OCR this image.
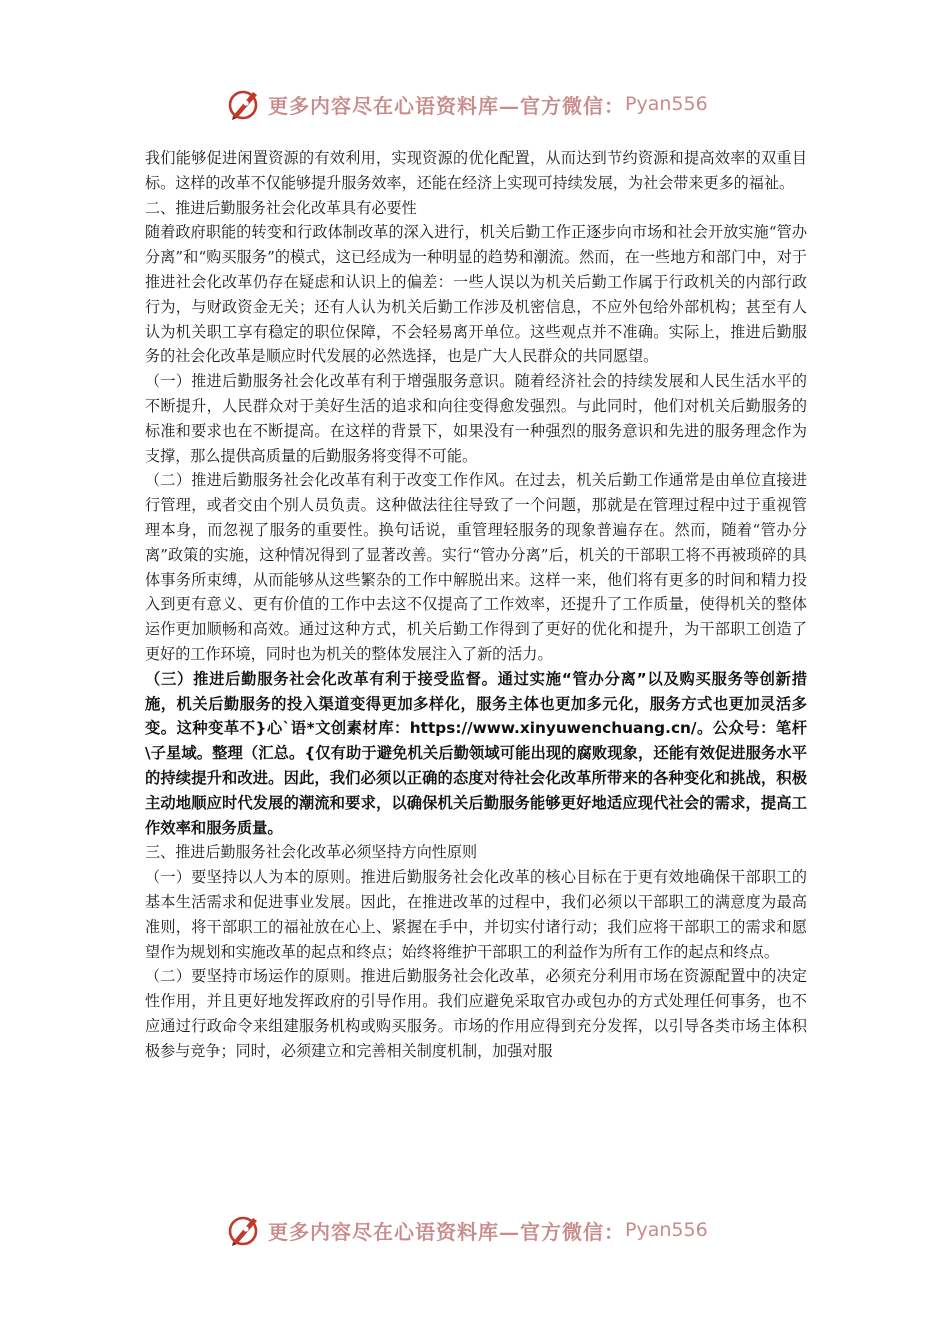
更多内容尽在心语资料库—官方微信： Pyan556

我们能够促进闲置资源的有效利用，实现资源的优化配置，从而达到节约资源和提高效率的双重目标。这样的改革不仅能够提升服务效率，还能在经济上实现可持续发展，为社会带来更多的福祉。

二、推进后勤服务社会化改革具有必要性

随着政府职能的转变和行政体制改革的深入进行，机关后勤工作正逐步向市场和社会开放实施“管办分离”和“购买服务”的模式，这已经成为一种明显的趋势和潮流。然而，在一些地方和部门中，对于推进社会化改革仍存在疑虑和认识上的偏差：一些人误以为机关后勤工作属于行政机关的内部行政行为，与财政资金无关；还有人认为机关后勤工作涉及机密信息，不应外包给外部机构；甚至有人认为机关职工享有稳定的职位保障，不会轻易离开单位。这些观点并不准确。实际上，推进后勤服务的社会化改革是顺应时代发展的必然选择，也是广大人民群众的共同愿望。

（一）推进后勤服务社会化改革有利于增强服务意识。随着经济社会的持续发展和人民生活水平的不断提升，人民群众对于美好生活的追求和向往变得愈发强烈。与此同时，他们对机关后勤服务的标准和要求也在不断提高。在这样的背景下，如果没有一种强烈的服务意识和先进的服务理念作为支撑，那么提供高质量的后勤服务将变得不可能。

（二）推进后勤服务社会化改革有利于改变工作作风。在过去，机关后勤工作通常是由单位直接进行管理，或者交由个别人员负责。这种做法往往导致了一个问题，那就是在管理过程中过于重视管理本身，而忽视了服务的重要性。换句话说，重管理轻服务的现象普遍存在。然而，随着“管办分离”政策的实施，这种情况得到了显著改善。实行“管办分离”后，机关的干部职工将不再被琐碎的具体事务所束缚，从而能够从这些繁杂的工作中解脱出来。这样一来，他们将有更多的时间和精力投入到更有意义、更有价值的工作中去这不仅提高了工作效率，还提升了工作质量，使得机关的整体运作更加顺畅和高效。通过这种方式，机关后勤工作得到了更好的优化和提升，为干部职工创造了更好的工作环境，同时也为机关的整体发展注入了新的活力。

（三）推进后勤服务社会化改革有利于接受监督。通过实施“管办分离”以及购买服务等创新措施，机关后勤服务的投入渠道变得更加多样化，服务主体也更加多元化，服务方式也更加灵活多变。这种变革不}心`语*文创素材库：https://www.xinyuwenchuang.cn/。公众号：笔杆\子星域。整理（汇总。{仅有助于避免机关后勤领域可能出现的腐败现象，还能有效促进服务水平的持续提升和改进。因此，我们必须以正确的态度对待社会化改革所带来的各种变化和挑战，积极主动地顺应时代发展的潮流和要求，以确保机关后勤服务能够更好地适应现代社会的需求，提高工作效率和服务质量。

三、推进后勤服务社会化改革必须坚持方向性原则

（一）要坚持以人为本的原则。推进后勤服务社会化改革的核心目标在于更有效地确保干部职工的基本生活需求和促进事业发展。因此，在推进改革的过程中，我们必须以干部职工的满意度为最高准则，将干部职工的福祉放在心上、紧握在手中，并切实付诸行动；我们应将干部职工的需求和愿望作为规划和实施改革的起点和终点；始终将维护干部职工的利益作为所有工作的起点和终点。

（二）要坚持市场运作的原则。推进后勤服务社会化改革，必须充分利用市场在资源配置中的决定性作用，并且更好地发挥政府的引导作用。我们应避免采取官办或包办的方式处理任何事务，也不应通过行政命令来组建服务机构或购买服务。市场的作用应得到充分发挥，以引导各类市场主体积极参与竞争；同时，必须建立和完善相关制度机制，加强对服

更多内容尽在心语资料库—官方微信： Pyan556
